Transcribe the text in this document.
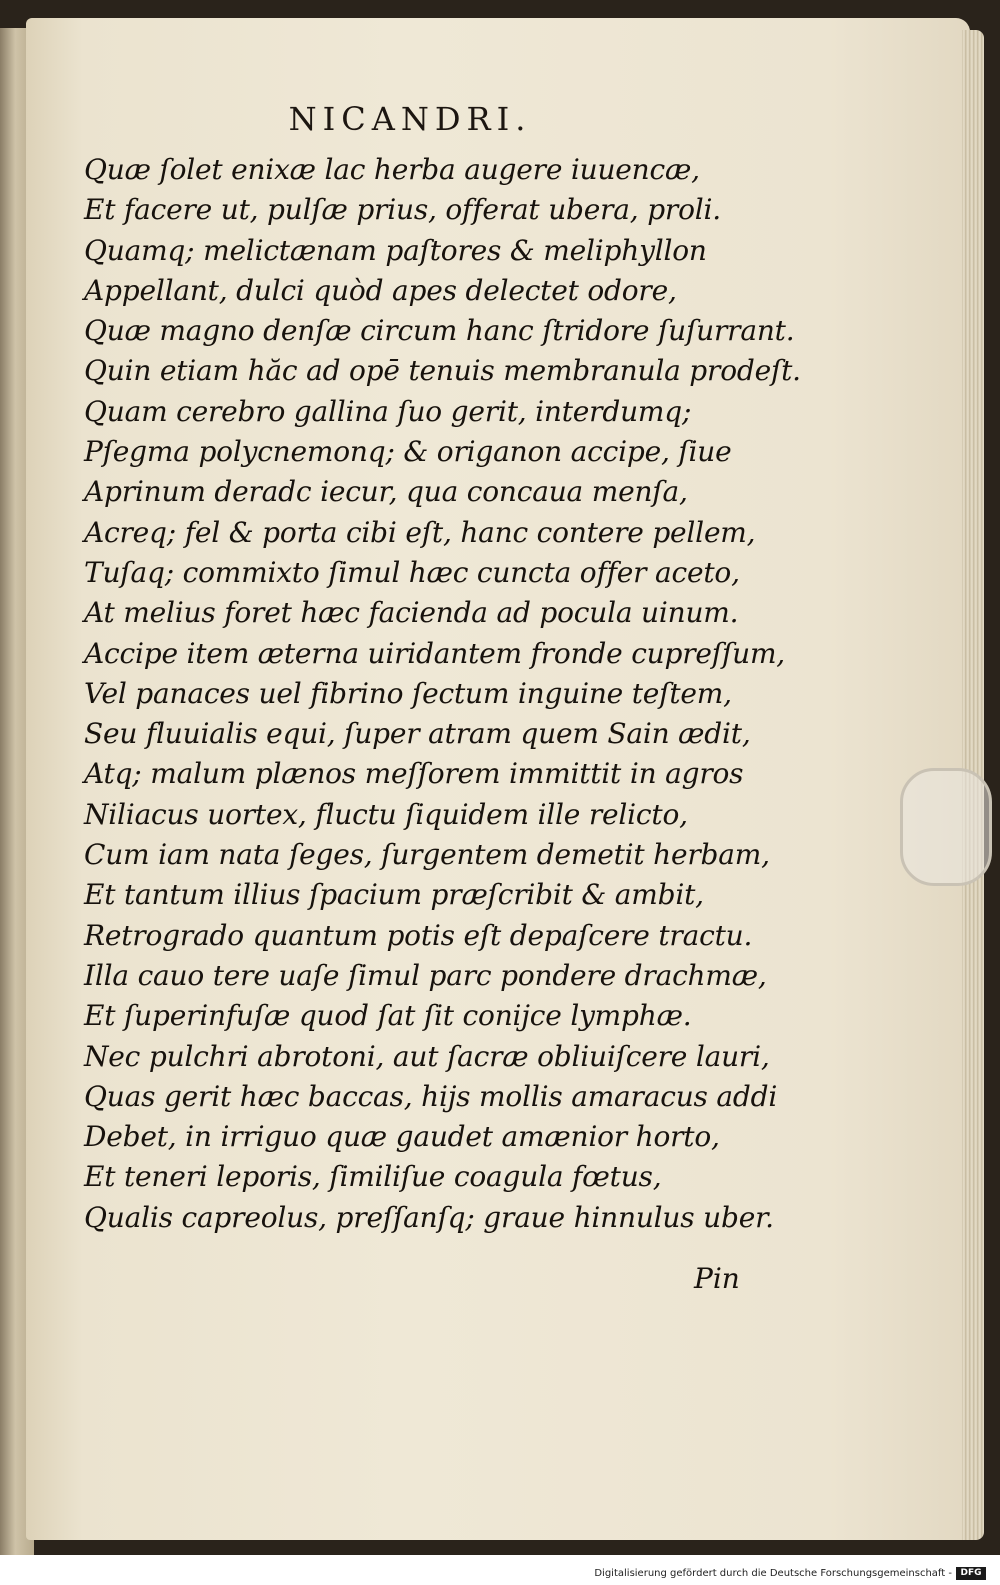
NICANDRI.
Quæ ſolet enixæ lac herba augere iuuencæ,
Et facere ut, pulſæ prius, offerat ubera, proli.
Quamq; melictænam paſtores & meliphyllon
Appellant, dulci quòd apes delectet odore,
Quæ magno denſæ circum hanc ſtridore ſuſurrant.
Quin etiam hăc ad opē tenuis membranula prodeſt.
Quam cerebro gallina ſuo gerit, interdumq;
Pſegma polycnemonq; & origanon accipe, ſiue
Aprinum deradc iecur, qua concaua menſa,
Acreq; fel & porta cibi eſt, hanc contere pellem,
Tuſaq; commixto ſimul hæc cuncta offer aceto,
At melius foret hæc facienda ad pocula uinum.
Accipe item æterna uiridantem fronde cupreſſum,
Vel panaces uel fibrino ſectum inguine teſtem,
Seu fluuialis equi, ſuper atram quem Sain ædit,
Atq; malum plænos meſſorem immittit in agros
Niliacus uortex, fluctu ſiquidem ille relicto,
Cum iam nata ſeges, ſurgentem demetit herbam,
Et tantum illius ſpacium præſcribit & ambit,
Retrogrado quantum potis eſt depaſcere tractu.
Illa cauo tere uaſe ſimul parc pondere drachmæ,
Et ſuperinfuſæ quod ſat ſit conijce lymphæ.
Nec pulchri abrotoni, aut ſacræ obliuiſcere lauri,
Quas gerit hæc baccas, hijs mollis amaracus addi
Debet, in irriguo quæ gaudet amænior horto,
Et teneri leporis, ſimiliſue coagula fœtus,
Qualis capreolus, preſſanſq; graue hinnulus uber.
Pin
Digitalisierung gefördert durch die Deutsche Forschungsgemeinschaft - DFG
